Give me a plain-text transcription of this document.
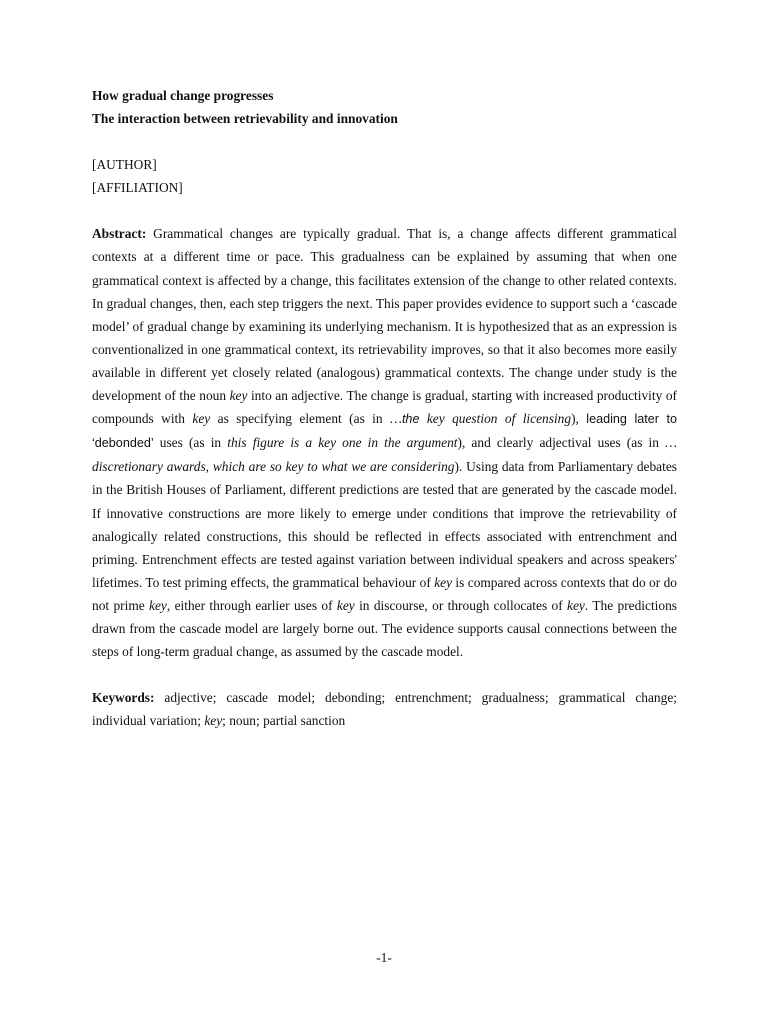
How gradual change progresses
The interaction between retrievability and innovation
[AUTHOR]
[AFFILIATION]
Abstract: Grammatical changes are typically gradual. That is, a change affects different grammatical contexts at a different time or pace. This gradualness can be explained by assuming that when one grammatical context is affected by a change, this facilitates extension of the change to other related contexts. In gradual changes, then, each step triggers the next. This paper provides evidence to support such a ‘cascade model’ of gradual change by examining its underlying mechanism. It is hypothesized that as an expression is conventionalized in one grammatical context, its retrievability improves, so that it also becomes more easily available in different yet closely related (analogous) grammatical contexts. The change under study is the development of the noun key into an adjective. The change is gradual, starting with increased productivity of compounds with key as specifying element (as in …the key question of licensing), leading later to ‘debonded’ uses (as in this figure is a key one in the argument), and clearly adjectival uses (as in …discretionary awards, which are so key to what we are considering). Using data from Parliamentary debates in the British Houses of Parliament, different predictions are tested that are generated by the cascade model. If innovative constructions are more likely to emerge under conditions that improve the retrievability of analogically related constructions, this should be reflected in effects associated with entrenchment and priming. Entrenchment effects are tested against variation between individual speakers and across speakers' lifetimes. To test priming effects, the grammatical behaviour of key is compared across contexts that do or do not prime key, either through earlier uses of key in discourse, or through collocates of key. The predictions drawn from the cascade model are largely borne out. The evidence supports causal connections between the steps of long-term gradual change, as assumed by the cascade model.
Keywords: adjective; cascade model; debonding; entrenchment; gradualness; grammatical change; individual variation; key; noun; partial sanction
-1-
